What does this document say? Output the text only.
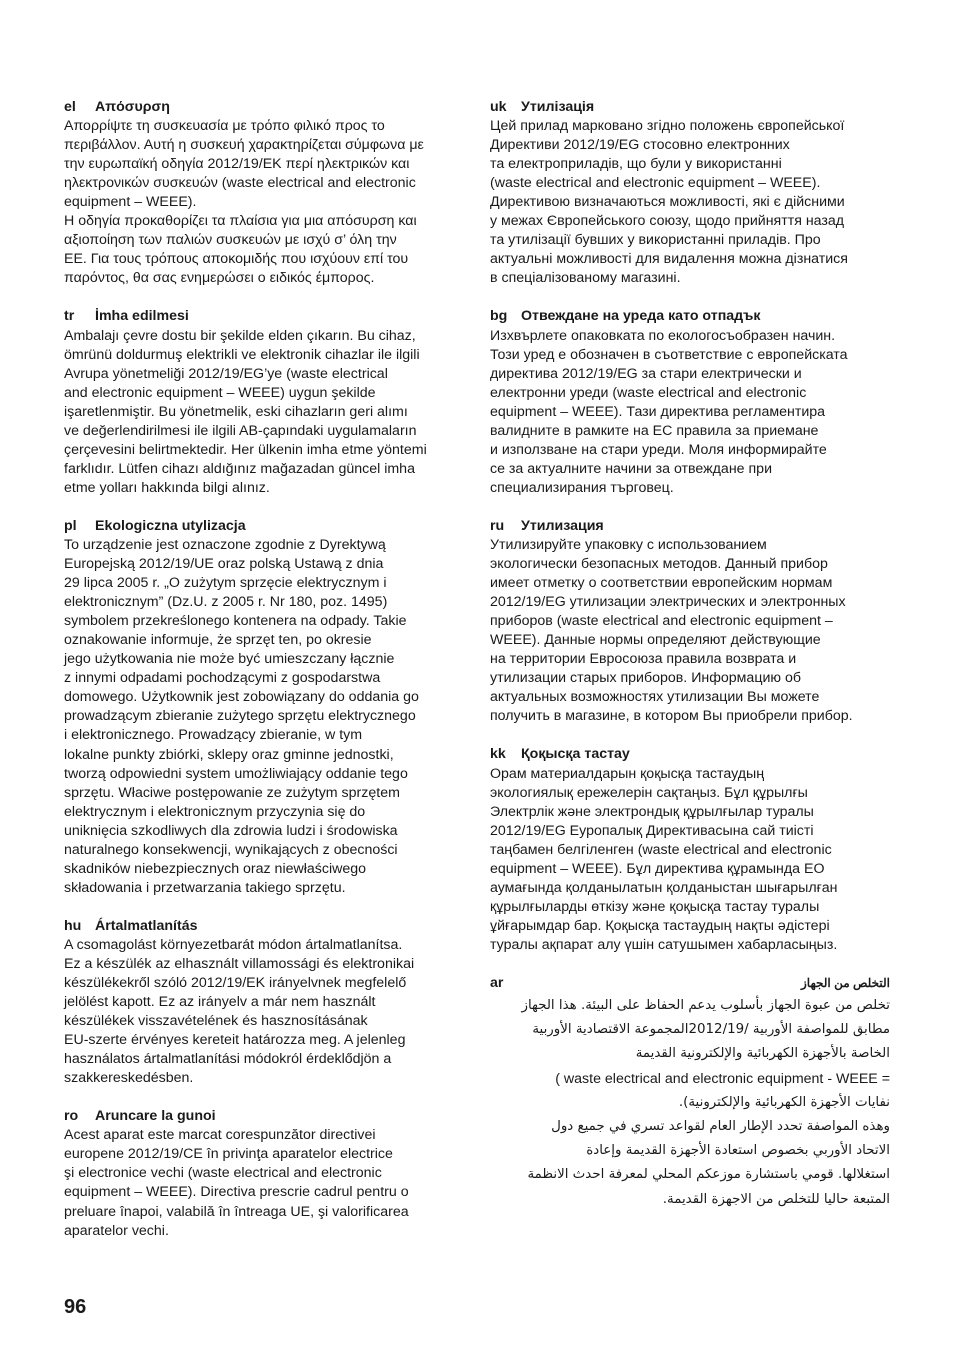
el Απόσυρση
Απορρίψτε τη συσκευασία με τρόπο φιλικό προς το
περιβάλλον. Αυτή η συσκευή χαρακτηρίζεται σύμφωνα με
την ευρωπαϊκή οδηγία 2012/19/EK περί ηλεκτρικών και
ηλεκτρονικών συσκευών (waste electrical and electronic
equipment – WEEE).
Η οδηγία προκαθορίζει τα πλαίσια για μια απόσυρση και
αξιοποίηση των παλιών συσκευών με ισχύ σ’ όλη την
ΕΕ. Για τους τρόπους αποκομιδής που ισχύουν επί του
παρόντος, θα σας ενημερώσει ο ειδικός έμπορος.
tr İmha edilmesi
Ambalajı çevre dostu bir şekilde elden çıkarın. Bu cihaz,
ömrünü doldurmuş elektrikli ve elektronik cihazlar ile ilgili
Avrupa yönetmeliği 2012/19/EG’ye (waste electrical
and electronic equipment – WEEE) uygun şekilde
işaretlenmiştir. Bu yönetmelik, eski cihazların geri alımı
ve değerlendirilmesi ile ilgili AB-çapındaki uygulamaların
çerçevesini belirtmektedir. Her ülkenin imha etme yöntemi
farklıdır. Lütfen cihazı aldığınız mağazadan güncel imha
etme yolları hakkında bilgi alınız.
pl Ekologiczna utylizacja
To urządzenie jest oznaczone zgodnie z Dyrektywą
Europejską 2012/19/UE oraz polską Ustawą z dnia
29 lipca 2005 r. „O zużytym sprzęcie elektrycznym i
elektronicznym” (Dz.U. z 2005 r. Nr 180, poz. 1495)
symbolem przekreślonego kontenera na odpady. Takie
oznakowanie informuje, że sprzęt ten, po okresie
jego użytkowania nie może być umieszczany łącznie
z innymi odpadami pochodzącymi z gospodarstwa
domowego. Użytkownik jest zobowiązany do oddania go
prowadzącym zbieranie zużytego sprzętu elektrycznego
i elektronicznego. Prowadzący zbieranie, w tym
lokalne punkty zbiórki, sklepy oraz gminne jednostki,
tworzą odpowiedni system umożliwiający oddanie tego
sprzętu. Właciwe postępowanie ze zużytym sprzętem
elektrycznym i elektronicznym przyczynia się do
uniknięcia szkodliwych dla zdrowia ludzi i środowiska
naturalnego konsekwencji, wynikających z obecności
skadników niebezpiecznych oraz niewłaściwego
składowania i przetwarzania takiego sprzętu.
hu Ártalmatlanítás
A csomagolást környezetbarát módon ártalmatlanítsa.
Ez a készülék az elhasznált villamossági és elektronikai
készülékekről szóló 2012/19/EK irányelvnek megfelelő
jelölést kapott. Ez az irányelv a már nem használt
készülékek visszavételének és hasznosításának
EU-szerte érvényes kereteit határozza meg. A jelenleg
használatos ártalmatlanítási módokról érdeklődjön a
szakkereskedésben.
ro Aruncare la gunoi
Acest aparat este marcat corespunzător directivei
europene 2012/19/CE în privinţa aparatelor electrice
şi electronice vechi (waste electrical and electronic
equipment – WEEE). Directiva prescrie cadrul pentru o
preluare înapoi, valabilă în întreaga UE, şi valorificarea
aparatelor vechi.
uk Утилізація
Цей прилад марковано згідно положень європейської
Директиви 2012/19/EG стосовно електронних
та електроприладів, що були у використанні
(waste electrical and electronic equipment – WEEE).
Директивою визначаються можливості, які є дійсними
у межах Європейського союзу, щодо прийняття назад
та утилізації бувших у використанні приладів. Про
актуальні можливості для видалення можна дізнатися
в спеціалізованому магазині.
bg Отвеждане на уреда като отпадък
Изхвърлете опаковката по екологосъобразен начин.
Този уред е обозначен в съответствие с европейската
директива 2012/19/EG за стари електрически и
електронни уреди (waste electrical and electronic
equipment – WEEE). Тази директива регламентира
валидните в рамките на ЕС правила за приемане
и използване на стари уреди. Моля информирайте
се за актуалните начини за отвеждане при
специализирания търговец.
ru Утилизация
Утилизируйте упаковку с использованием
экологически безопасных методов. Данный прибор
имеет отметку о соответствии европейским нормам
2012/19/EG утилизации электрических и электронных
приборов (waste electrical and electronic equipment –
WEEE). Данные нормы определяют действующие
на территории Евросоюза правила возврата и
утилизации старых приборов. Информацию об
актуальных возможностях утилизации Вы можете
получить в магазине, в котором Вы приобрели прибор.
kk Қоқысқа тастау
Орам материалдарын қоқысқа тастаудың
экологиялық ережелерін сақтаңыз. Бұл құрылғы
Электрлік және электрондық құрылғылар туралы
2012/19/EG Еуропалық Директивасына сай тиісті
таңбамен белгіленген (waste electrical and electronic
equipment – WEEE). Бұл директива құрамында ЕО
аумағында қолданылатын қолданыстан шығарылған
құрылғыларды өткізу және қоқысқа тастау туралы
ұйғарымдар бар. Қоқысқа тастаудың нақты әдістері
туралы ақпарат алу үшін сатушымен хабарласыңыз.
ar	التخلص من الجهاز
تخلص من عبوة الجهاز بأسلوب يدعم الحفاظ على البيئة. هذا الجهاز
مطابق للمواصفة الأوربية /2012/19المجموعة الاقتصادية الأوربية
الخاصة بالأجهزة الكهربائية والإلكترونية القديمة
( waste electrical and electronic equipment - WEEE =
نفايات الأجهزة الكهربائية والإلكترونية).
وهذه المواصفة تحدد الإطار العام لقواعد تسري في جميع دول
الاتحاد الأوربي بخصوص استعادة الأجهزة القديمة وإعادة
استغلالها. قومي باستشارة موزعكم المحلي لمعرفة احدث الانظمة
المتبعة حاليا للتخلص من الاجهزة القديمة.
96
